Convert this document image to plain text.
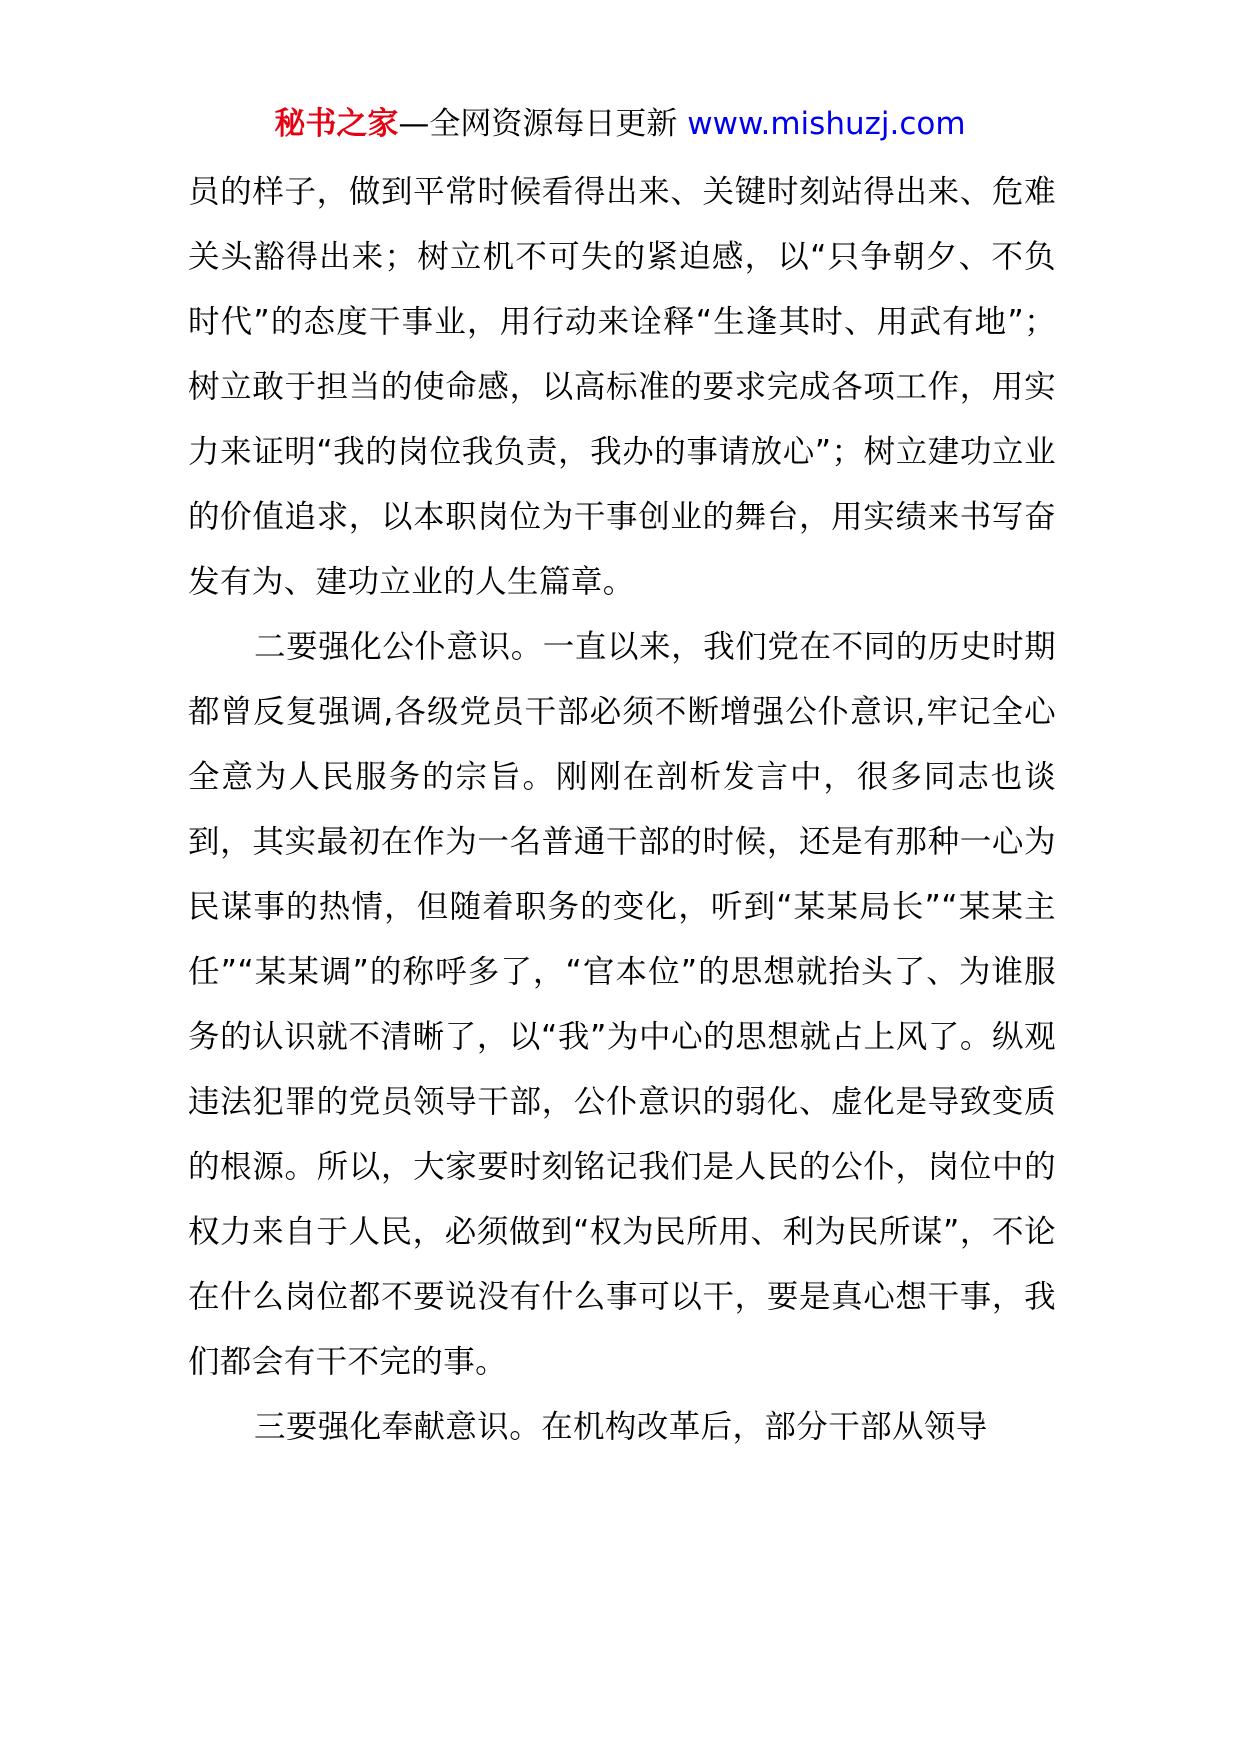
秘书之家—全网资源每日更新 www.mishuzj.com

员的样子，做到平常时候看得出来、关键时刻站得出来、危难关头豁得出来；树立机不可失的紧迫感，以“只争朝夕、不负时代”的态度干事业，用行动来诠释“生逢其时、用武有地”；树立敢于担当的使命感，以高标准的要求完成各项工作，用实力来证明“我的岗位我负责，我办的事请放心”；树立建功立业的价值追求，以本职岗位为干事创业的舞台，用实绩来书写奋发有为、建功立业的人生篇章。

二要强化公仆意识。一直以来，我们党在不同的历史时期都曾反复强调,各级党员干部必须不断增强公仆意识,牢记全心全意为人民服务的宗旨。刚刚在剖析发言中，很多同志也谈到，其实最初在作为一名普通干部的时候，还是有那种一心为民谋事的热情，但随着职务的变化，听到“某某局长”“某某主任”“某某调”的称呼多了，“官本位”的思想就抬头了、为谁服务的认识就不清晰了，以“我”为中心的思想就占上风了。纵观违法犯罪的党员领导干部，公仆意识的弱化、虚化是导致变质的根源。所以，大家要时刻铭记我们是人民的公仆，岗位中的权力来自于人民，必须做到“权为民所用、利为民所谋”，不论在什么岗位都不要说没有什么事可以干，要是真心想干事，我们都会有干不完的事。

三要强化奉献意识。在机构改革后，部分干部从领导
